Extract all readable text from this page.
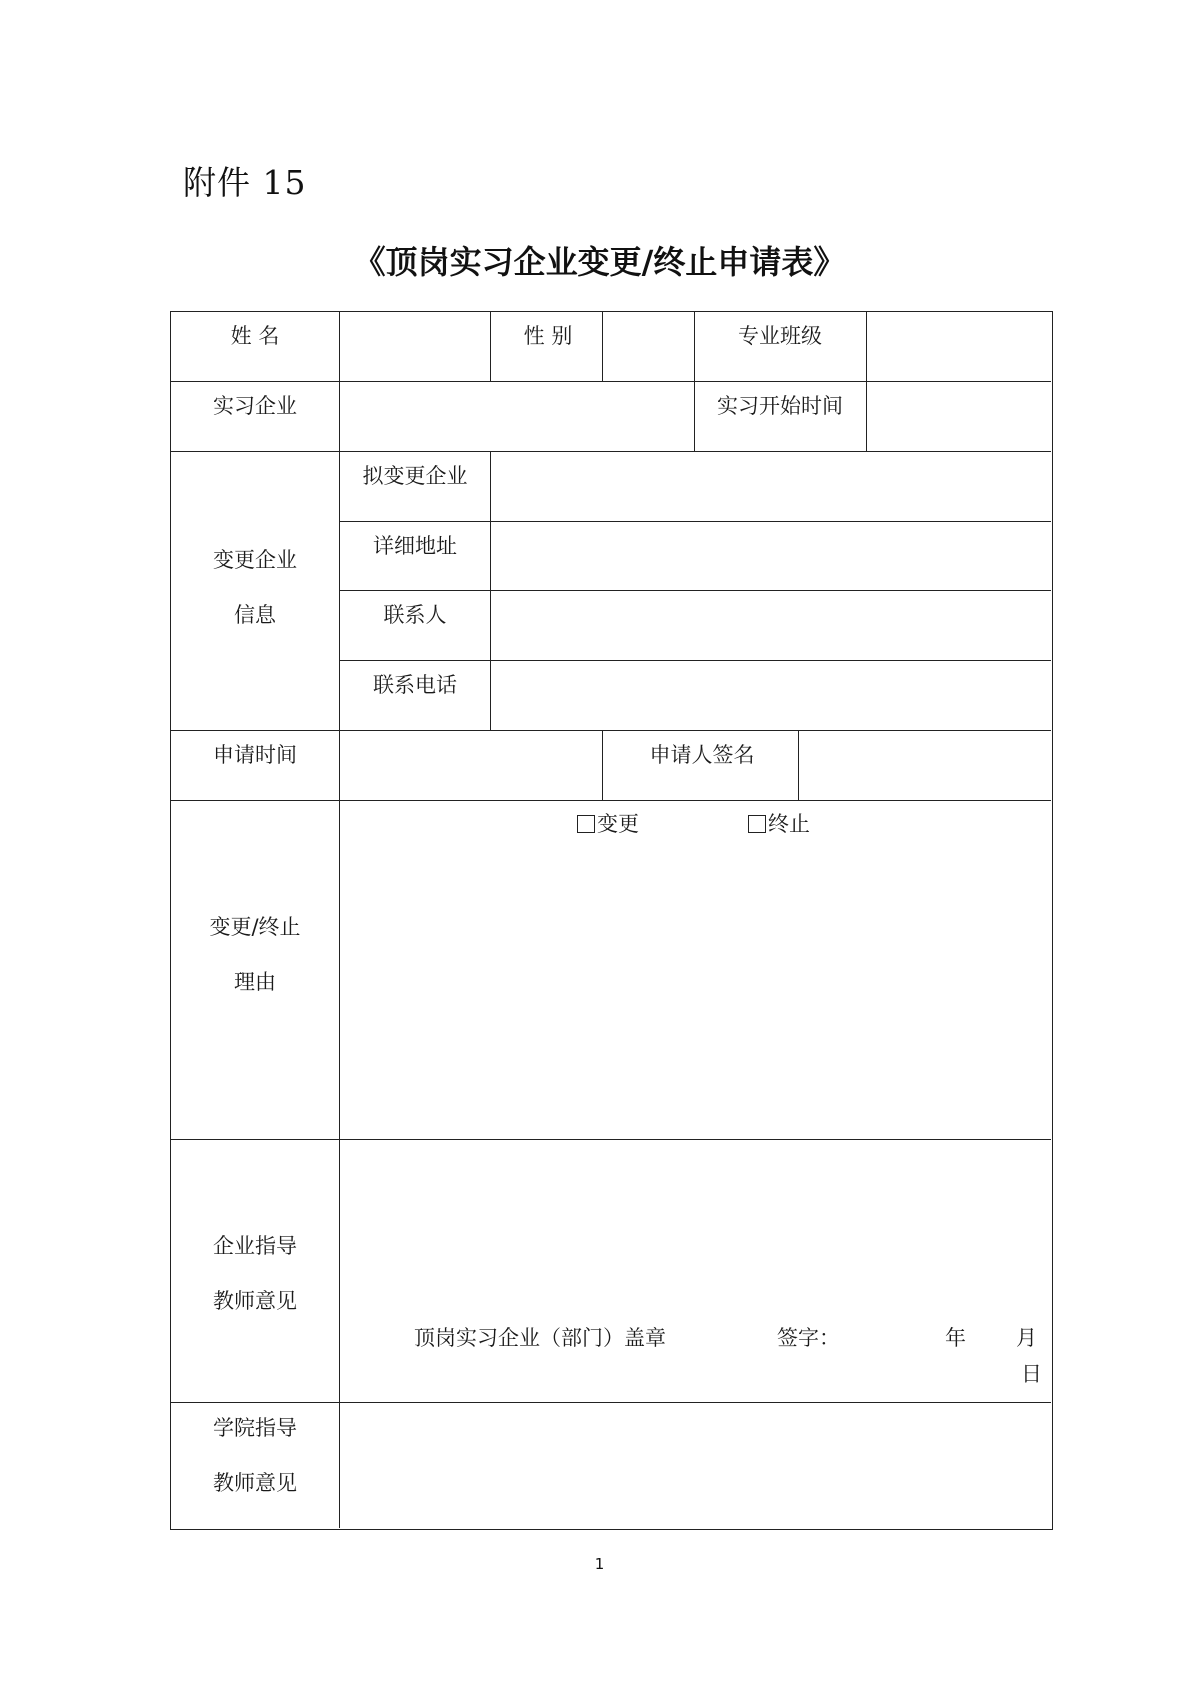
附件 15
《顶岗实习企业变更/终止申请表》
姓 名	性 别	专业班级
实习企业	实习开始时间
变更企业
信息
拟变更企业
详细地址
联系人
联系电话
申请时间	申请人签名
变更	终止
变更/终止
理由
企业指导
教师意见
顶岗实习企业（部门）盖章	签字：	年 月
日
学院指导
教师意见
1
